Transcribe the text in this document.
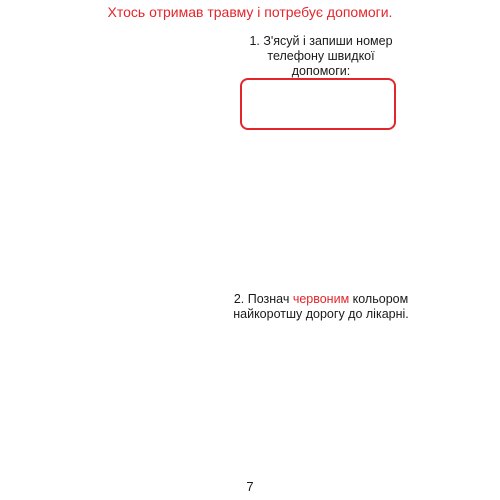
Хтось отримав травму і потребує допомоги.
ШВИДКО
ТЕЛЕФОНУЙ!!!
1. З'ясуй і запиши номер
телефону швидкої
допомоги:
ОЙ, ОЙ, ОЙ!!!
2. Познач червоним кольором
найкоротшу дорогу до лікарні.
7
